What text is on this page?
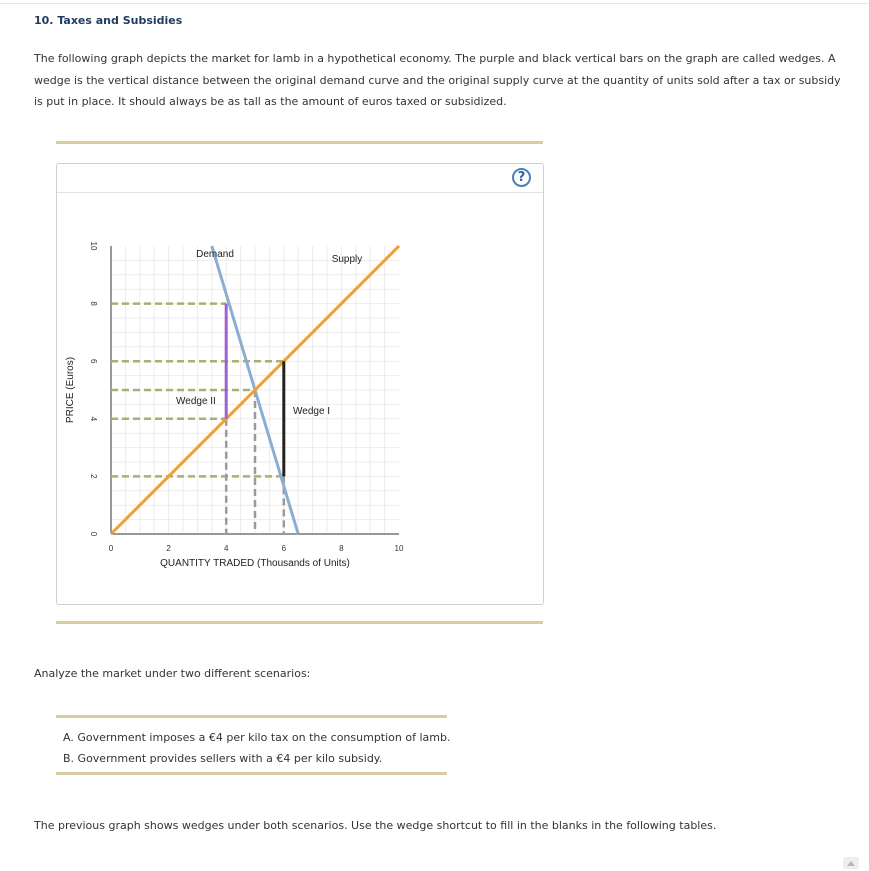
10. Taxes and Subsidies
The following graph depicts the market for lamb in a hypothetical economy. The purple and black vertical bars on the graph are called wedges. A wedge is the vertical distance between the original demand curve and the original supply curve at the quantity of units sold after a tax or subsidy is put in place. It should always be as tall as the amount of euros taxed or subsidized.
?
0	2	4	6	8	10
0
2
4
6
8
10
Demand	Supply
Wedge I
Wedge II
QUANTITY TRADED (Thousands of Units)
PRICE (Euros)
Analyze the market under two different scenarios:
A. Government imposes a €4 per kilo tax on the consumption of lamb.
B. Government provides sellers with a €4 per kilo subsidy.
The previous graph shows wedges under both scenarios. Use the wedge shortcut to fill in the blanks in the following tables.
